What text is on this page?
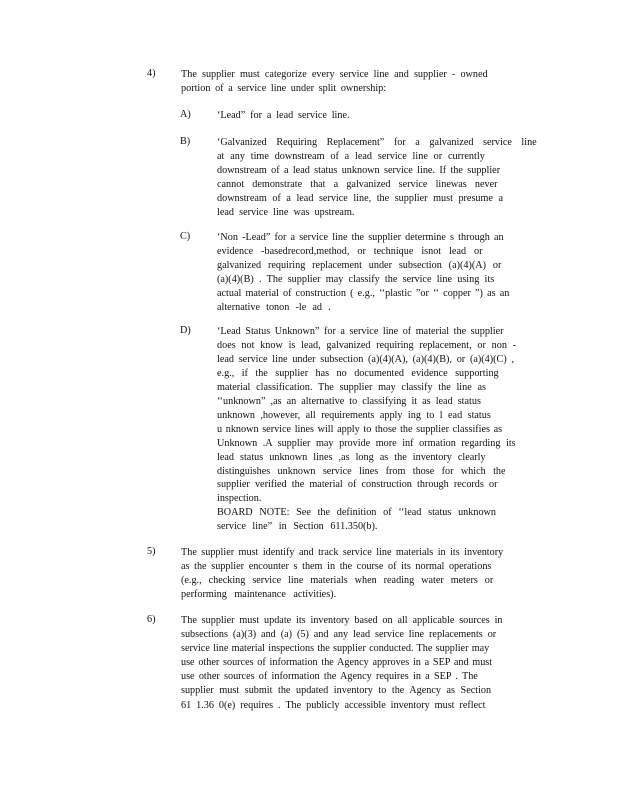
4)	The supplier must categorize every service line and supplier - owned
portion of a service line under split ownership:
A)	‘Lead” for a lead service line.
B)	‘Galvanized Requiring Replacement” for a galvanized service line
at any time downstream of a lead service line or currently
downstream of a lead status unknown service line. If the supplier
cannot demonstrate that a galvanized service linewas never
downstream of a lead service line, the supplier must presume a
lead service line was upstream.
C)	‘Non -Lead” for a service line the supplier determine s through an
evidence -basedrecord,method, or technique isnot lead or
galvanized requiring replacement under subsection (a)(4)(A) or
(a)(4)(B) . The supplier may classify the service line using its
actual material of construction ( e.g., ‘‘plastic ”or ‘‘ copper ”) as an
alternative tonon -le ad .
D)	‘Lead Status Unknown” for a service line of material the supplier
does not know is lead, galvanized requiring replacement, or non -
lead service line under subsection (a)(4)(A), (a)(4)(B), or (a)(4)(C) ,
e.g., if the supplier has no documented evidence supporting
material classification. The supplier may classify the line as
‘‘unknown” ,as an alternative to classifying it as lead status
unknown ,however, all requirements apply ing to l ead status
u nknown service lines will apply to those the supplier classifies as
Unknown .A supplier may provide more inf ormation regarding its
lead status unknown lines ,as long as the inventory clearly
distinguishes unknown service lines from those for which the
supplier verified the material of construction through records or
inspection.
BOARD NOTE: See the definition of ‘‘lead status unknown
service line” in Section 611.350(b).
5)	The supplier must identify and track service line materials in its inventory
as the supplier encounter s them in the course of its normal operations
(e.g., checking service line materials when reading water meters or
performing maintenance activities).
6)	The supplier must update its inventory based on all applicable sources in
subsections (a)(3) and (a) (5) and any lead service line replacements or
service line material inspections the supplier conducted. The supplier may
use other sources of information the Agency approves in a SEP and must
use other sources of information the Agency requires in a SEP . The
supplier must submit the updated inventory to the Agency as Section
61 1.36 0(e) requires . The publicly accessible inventory must reflect
